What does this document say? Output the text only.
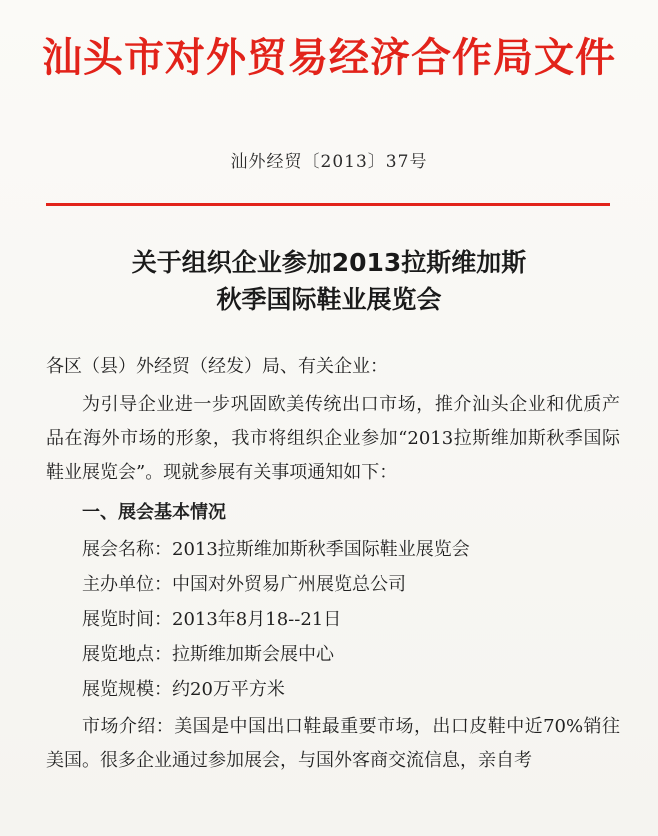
汕头市对外贸易经济合作局文件
汕外经贸〔2013〕37号
关于组织企业参加2013拉斯维加斯
秋季国际鞋业展览会
各区（县）外经贸（经发）局、有关企业：
为引导企业进一步巩固欧美传统出口市场，推介汕头企业和优质产品在海外市场的形象，我市将组织企业参加“2013拉斯维加斯秋季国际鞋业展览会”。现就参展有关事项通知如下：
一、展会基本情况
展会名称：2013拉斯维加斯秋季国际鞋业展览会
主办单位：中国对外贸易广州展览总公司
展览时间：2013年8月18--21日
展览地点：拉斯维加斯会展中心
展览规模：约20万平方米
市场介绍：美国是中国出口鞋最重要市场，出口皮鞋中近70%销往美国。很多企业通过参加展会，与国外客商交流信息，亲自考
